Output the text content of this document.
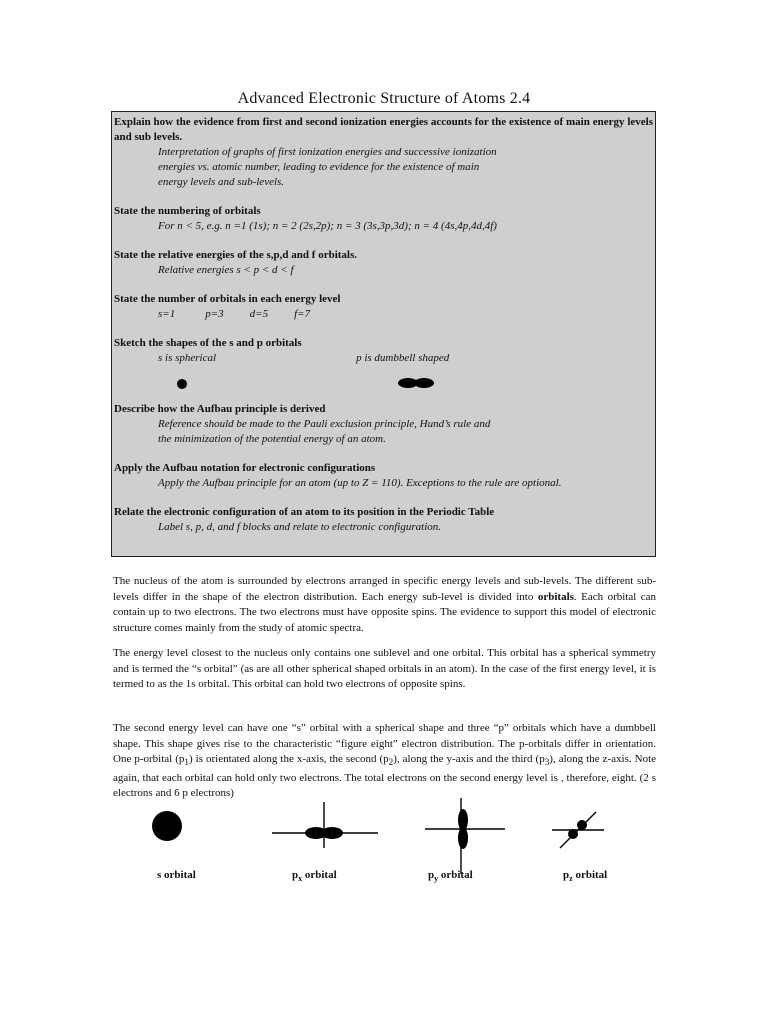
Advanced Electronic Structure of Atoms 2.4

Explain how the evidence from first and second ionization energies accounts for the existence of main energy levels and sub levels.

Interpretation of graphs of first ionization energies and successive ionization

energies vs. atomic number, leading to evidence for the existence of main

energy levels and sub-levels.

State the numbering of orbitals

For n < 5, e.g. n =1 (1s); n = 2 (2s,2p); n = 3 (3s,3p,3d); n = 4 (4s,4p,4d,4f)

State the relative energies of the s,p,d and f orbitals.

Relative energies s < p < d < f

State the number of orbitals in each energy level

s=1	p=3 d=5 f=7

Sketch the shapes of the s and p orbitals

s is spherical	p is dumbbell shaped

Describe how the Aufbau principle is derived

Reference should be made to the Pauli exclusion principle, Hund’s rule and

the minimization of the potential energy of an atom.

Apply the Aufbau notation for electronic configurations

Apply the Aufbau principle for an atom (up to Z = 110). Exceptions to the rule are optional.

Relate the electronic configuration of an atom to its position in the Periodic Table

Label s, p, d, and f blocks and relate to electronic configuration.

The nucleus of the atom is surrounded by electrons arranged in specific energy levels and sub-levels. The different sub-levels differ in the shape of the electron distribution. Each energy sub-level is divided into orbitals. Each orbital can contain up to two electrons. The two electrons must have opposite spins. The evidence to support this model of electronic structure comes mainly from the study of atomic spectra.

The energy level closest to the nucleus only contains one sublevel and one orbital. This orbital has a spherical symmetry and is termed the “s orbital” (as are all other spherical shaped orbitals in an atom). In the case of the first energy level, it is termed to as the 1s orbital. This orbital can hold two electrons of opposite spins.

The second energy level can have one “s” orbital with a spherical shape and three “p” orbitals which have a dumbbell shape. This shape gives rise to the characteristic “figure eight” electron distribution. The p-orbitals differ in orientation. One p-orbital $(p_1)$ is orientated along the x-axis, the second $(p_2)$, along the y-axis and the third $(p_3)$, along the z-axis. Note again, that each orbital can hold only two electrons. The total electrons on the second energy level is , therefore, eight. (2 s electrons and 6 p electrons)

s orbital	$p_x$ orbital	$p_y$ orbital	$p_z$ orbital
